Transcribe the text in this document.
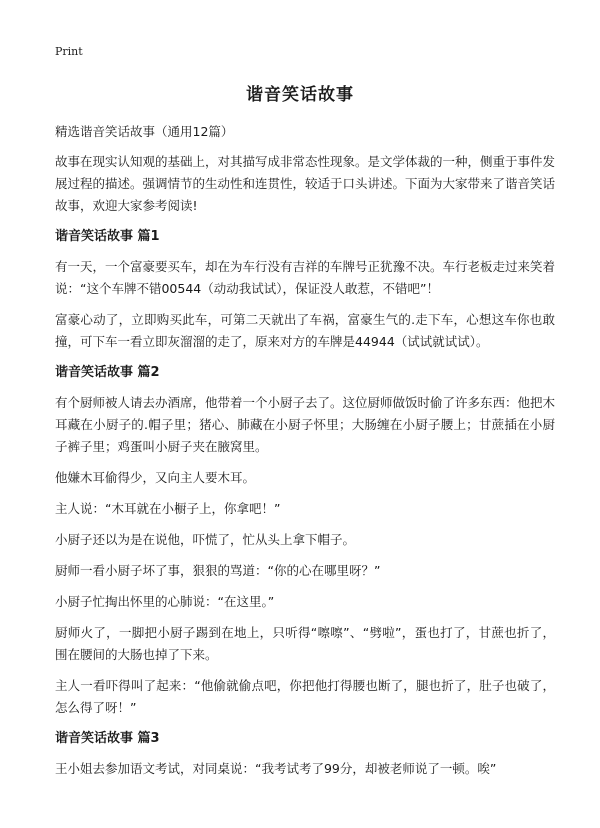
Print
谐音笑话故事

精选谐音笑话故事（通用12篇）

故事在现实认知观的基础上，对其描写成非常态性现象。是文学体裁的一种，侧重于事件发展过程的描述。强调情节的生动性和连贯性，较适于口头讲述。下面为大家带来了谐音笑话故事，欢迎大家参考阅读!

谐音笑话故事 篇1

有一天，一个富豪要买车，却在为车行没有吉祥的车牌号正犹豫不决。车行老板走过来笑着说：“这个车牌不错00544（动动我试试），保证没人敢惹，不错吧”！

富豪心动了，立即购买此车，可第二天就出了车祸，富豪生气的.走下车，心想这车你也敢撞，可下车一看立即灰溜溜的走了，原来对方的车牌是44944（试试就试试）。

谐音笑话故事 篇2

有个厨师被人请去办酒席，他带着一个小厨子去了。这位厨师做饭时偷了许多东西：他把木耳藏在小厨子的.帽子里；猪心、肺藏在小厨子怀里；大肠缠在小厨子腰上；甘蔗插在小厨子裤子里；鸡蛋叫小厨子夹在腋窝里。

他嫌木耳偷得少，又向主人要木耳。

主人说：“木耳就在小橱子上，你拿吧！”

小厨子还以为是在说他，吓慌了，忙从头上拿下帽子。

厨师一看小厨子坏了事，狠狠的骂道：“你的心在哪里呀？”

小厨子忙掏出怀里的心肺说：“在这里。”

厨师火了，一脚把小厨子踢到在地上，只听得“嚓嚓”、“劈啦”，蛋也打了，甘蔗也折了，围在腰间的大肠也掉了下来。

主人一看吓得叫了起来：“他偷就偷点吧，你把他打得腰也断了，腿也折了，肚子也破了，怎么得了呀！”

谐音笑话故事 篇3

王小姐去参加语文考试，对同桌说：“我考试考了99分，却被老师说了一顿。唉”
